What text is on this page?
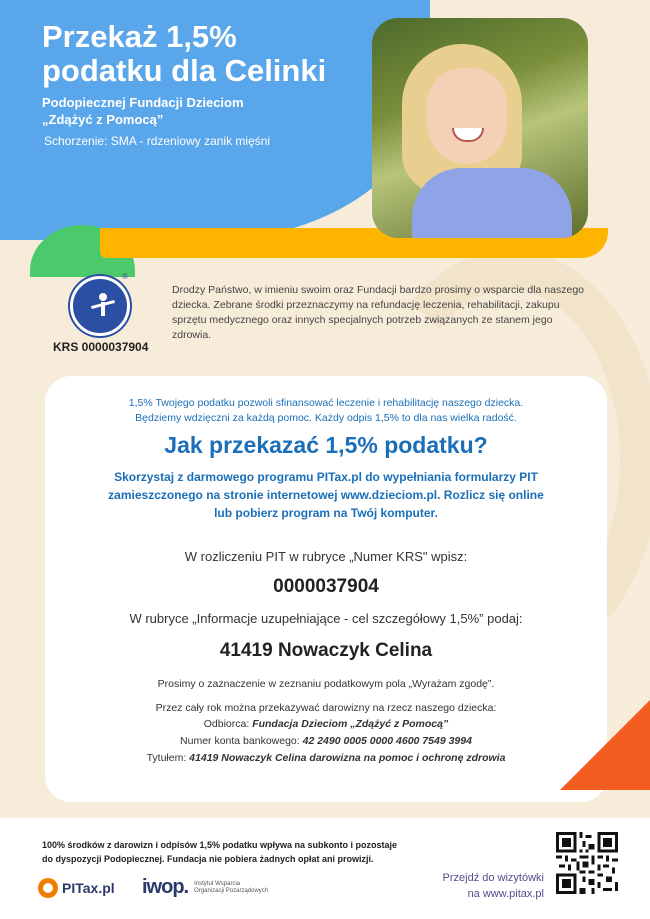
Przekaż 1,5%
podatku dla Celinki
Podopiecznej Fundacji Dzieciom
„Zdążyć z Pomocą”
Schorzenie: SMA - rdzeniowy zanik mięśni
®
KRS 0000037904
Drodzy Państwo, w imieniu swoim oraz Fundacji bardzo prosimy o wsparcie dla naszego dziecka. Zebrane środki przeznaczymy na refundację leczenia, rehabilitacji, zakupu sprzętu medycznego oraz innych specjalnych potrzeb związanych ze stanem jego zdrowia.
1,5% Twojego podatku pozwoli sfinansować leczenie i rehabilitację naszego dziecka.
Będziemy wdzięczni za każdą pomoc. Każdy odpis 1,5% to dla nas wielka radość.
Jak przekazać 1,5% podatku?
Skorzystaj z darmowego programu PITax.pl do wypełniania formularzy PIT
zamieszczonego na stronie internetowej www.dzieciom.pl. Rozlicz się online
lub pobierz program na Twój komputer.
W rozliczeniu PIT w rubryce „Numer KRS" wpisz:
0000037904
W rubryce „Informacje uzupełniające - cel szczegółowy 1,5%” podaj:
41419 Nowaczyk Celina
Prosimy o zaznaczenie w zeznaniu podatkowym pola „Wyrażam zgodę”.
Przez cały rok można przekazywać darowizny na rzecz naszego dziecka:
Odbiorca: Fundacja Dzieciom „Zdążyć z Pomocą”
Numer konta bankowego: 42 2490 0005 0000 4600 7549 3994
Tytułem: 41419 Nowaczyk Celina darowizna na pomoc i ochronę zdrowia
100% środków z darowizn i odpisów 1,5% podatku wpływa na subkonto i pozostaje
do dyspozycji Podopiecznej. Fundacja nie pobiera żadnych opłat ani prowizji.
PITax.pl iwop. Instytut Wsparcia
Organizacji Pozarządowych
Przejdź do wizytówki
na www.pitax.pl
